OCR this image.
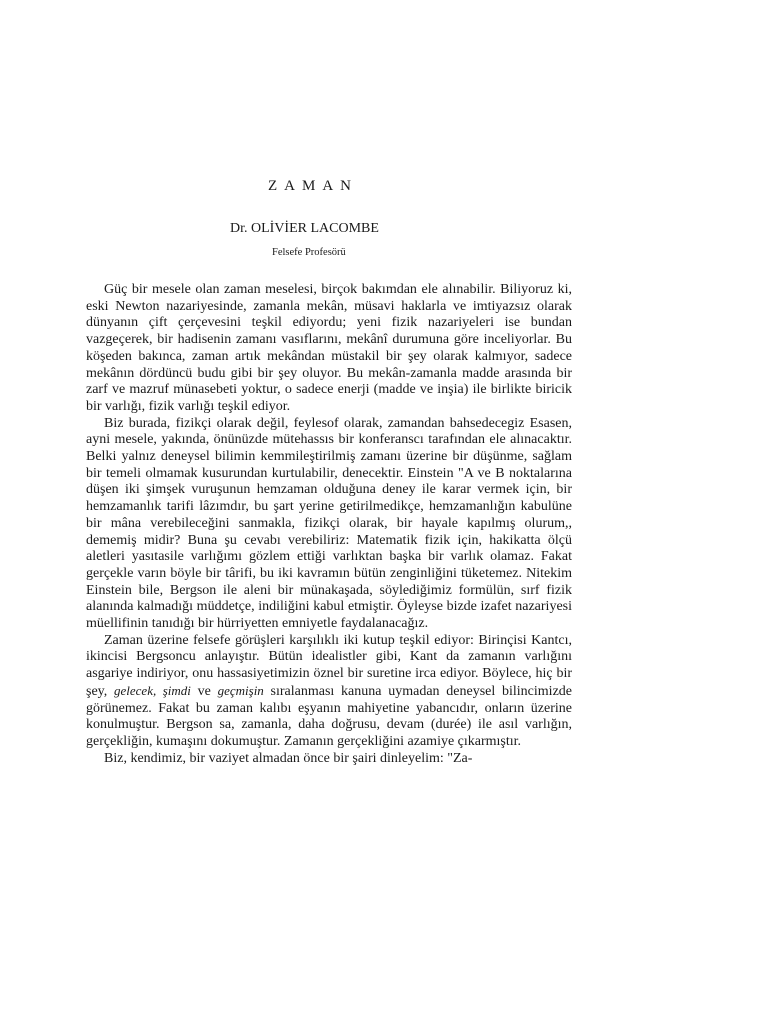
ZAMAN
Dr. OLİVİER LACOMBE
Felsefe Profesörü

Güç bir mesele olan zaman meselesi, birçok bakımdan ele alınabilir. Biliyoruz ki, eski Newton nazariyesinde, zamanla mekân, müsavi haklarla ve imtiyazsız olarak dünyanın çift çerçevesini teşkil ediyordu; yeni fizik nazariyeleri ise bundan vazgeçerek, bir hadisenin zamanı vasıflarını, mekânî durumuna göre inceliyorlar. Bu köşeden bakınca, zaman artık mekândan müstakil bir şey olarak kalmıyor, sadece mekânın dördüncü budu gibi bir şey oluyor. Bu mekân-zamanla madde arasında bir zarf ve mazruf münasebeti yoktur, o sadece enerji (madde ve inşia) ile birlikte biricik bir varlığı, fizik varlığı teşkil ediyor.

Biz burada, fizikçi olarak değil, feylesof olarak, zamandan bahsedecegiz Esasen, ayni mesele, yakında, önünüzde mütehassıs bir konferanscı tarafından ele alınacaktır. Belki yalnız deneysel bilimin kemmileştirilmiş zamanı üzerine bir düşünme, sağlam bir temeli olmamak kusurundan kurtulabilir, denecektir. Einstein "A ve B noktalarına düşen iki şimşek vuruşunun hemzaman olduğuna deney ile karar vermek için, bir hemzamanlık tarifi lâzımdır, bu şart yerine getirilmedikçe, hemzamanlığın kabulüne bir mâna verebileceğini sanmakla, fizikçi olarak, bir hayale kapılmış olurum,, dememiş midir? Buna şu cevabı verebiliriz: Matematik fizik için, hakikatta ölçü aletleri yasıtasile varlığımı gözlem ettiği varlıktan başka bir varlık olamaz. Fakat gerçekle varın böyle bir târifi, bu iki kavramın bütün zenginliğini tüketemez. Nitekim Einstein bile, Bergson ile aleni bir münakaşada, söylediğimiz formülün, sırf fizik alanında kalmadığı müddetçe, indiliğini kabul etmiştir. Öyleyse bizde izafet nazariyesi müellifinin tanıdığı bir hürriyetten emniyetle faydalanacağız.

Zaman üzerine felsefe görüşleri karşılıklı iki kutup teşkil ediyor: Birinçisi Kantcı, ikincisi Bergsoncu anlayıştır. Bütün idealistler gibi, Kant da zamanın varlığını asgariye indiriyor, onu hassasiyetimizin öznel bir suretine irca ediyor. Böylece, hiç bir şey, gelecek, şimdi ve geçmişin sıralanması kanuna uymadan deneysel bilincimizde görünemez. Fakat bu zaman kalıbı eşyanın mahiyetine yabancıdır, onların üzerine konulmuştur. Bergson sa, zamanla, daha doğrusu, devam (durée) ile asıl varlığın, gerçekliğin, kumaşını dokumuştur. Zamanın gerçekliğini azamiye çıkarmıştır.

Biz, kendimiz, bir vaziyet almadan önce bir şairi dinleyelim: "Za-
